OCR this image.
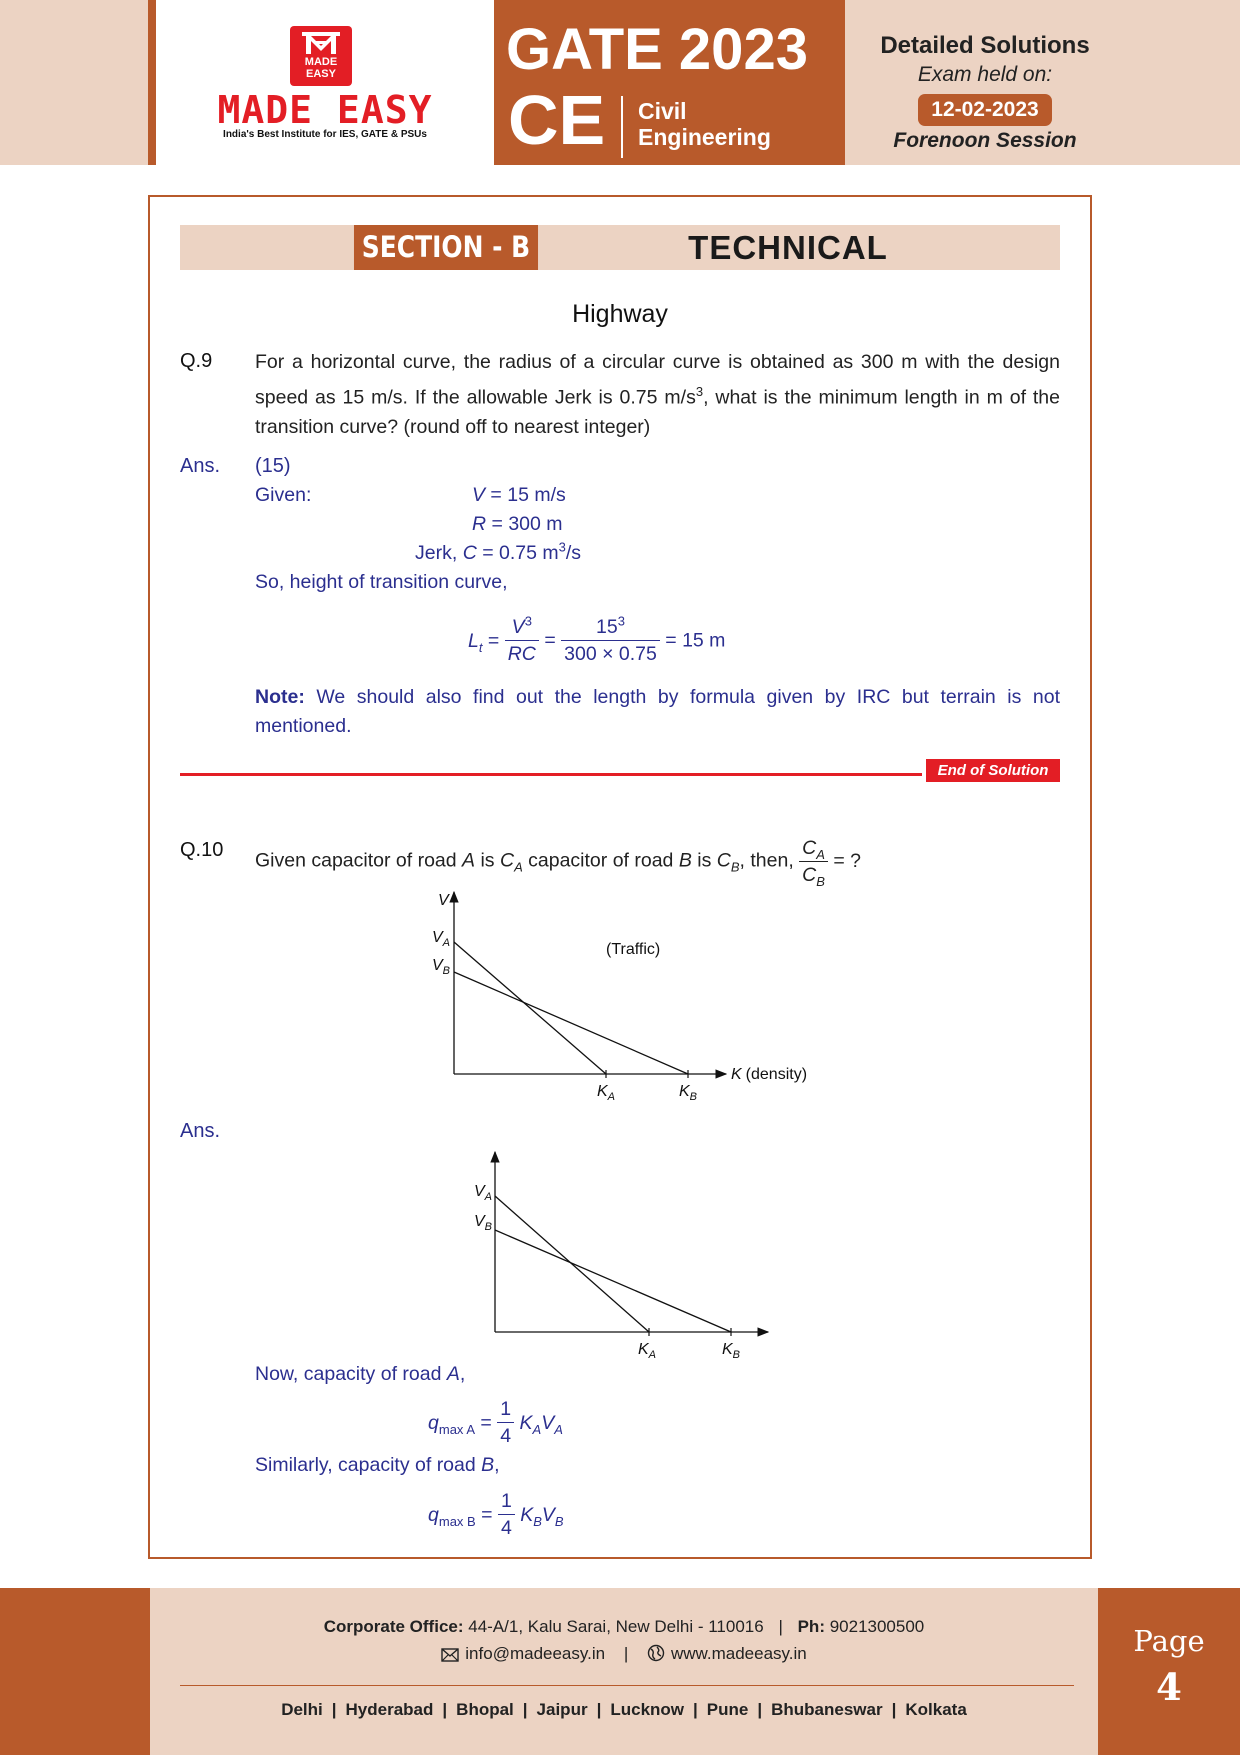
MADE
EASY
MADE EASY
India's Best Institute for IES, GATE & PSUs
GATE 2023
CE Civil
Engineering
Detailed Solutions
Exam held on:
12-02-2023
Forenoon Session
SECTION - B	TECHNICAL
Highway
Q.9 For a horizontal curve, the radius of a circular curve is obtained as 300 m with the design speed as 15 m/s. If the allowable Jerk is 0.75 $m/s^3$, what is the minimum length in m of the transition curve? (round off to nearest integer)
Ans. (15)
Given:	V = 15 m/s
R = 300 m
Jerk, C = 0.75 $m^3/s$
So, height of transition curve,
$L_t = \frac{V^3}{RC} = \frac{15^3}{300 \times 0.75} = 15$ m
Note: We should also find out the length by formula given by IRC but terrain is not mentioned.
End of Solution
Q.10 Given capacitor of road A is $C_A$ capacitor of road B is $C_B$, then, $\frac{C_A}{C_B}$ = ?
V
$V_A$
$V_B$
(Traffic)
$K_A$	$K_B$
K (density)
Ans.
$V_A$
$V_B$
$K_A$	$K_B$
Now, capacity of road A,
$q_{max A} = \frac{1}{4} K_AV_A$
Similarly, capacity of road B,
$q_{max B} = \frac{1}{4} K_BV_B$
Corporate Office: 44-A/1, Kalu Sarai, New Delhi - 110016 | Ph: 9021300500
info@madeeasy.in |	www.madeeasy.in
Delhi | Hyderabad | Bhopal | Jaipur | Lucknow | Pune | Bhubaneswar | Kolkata
Page
4
